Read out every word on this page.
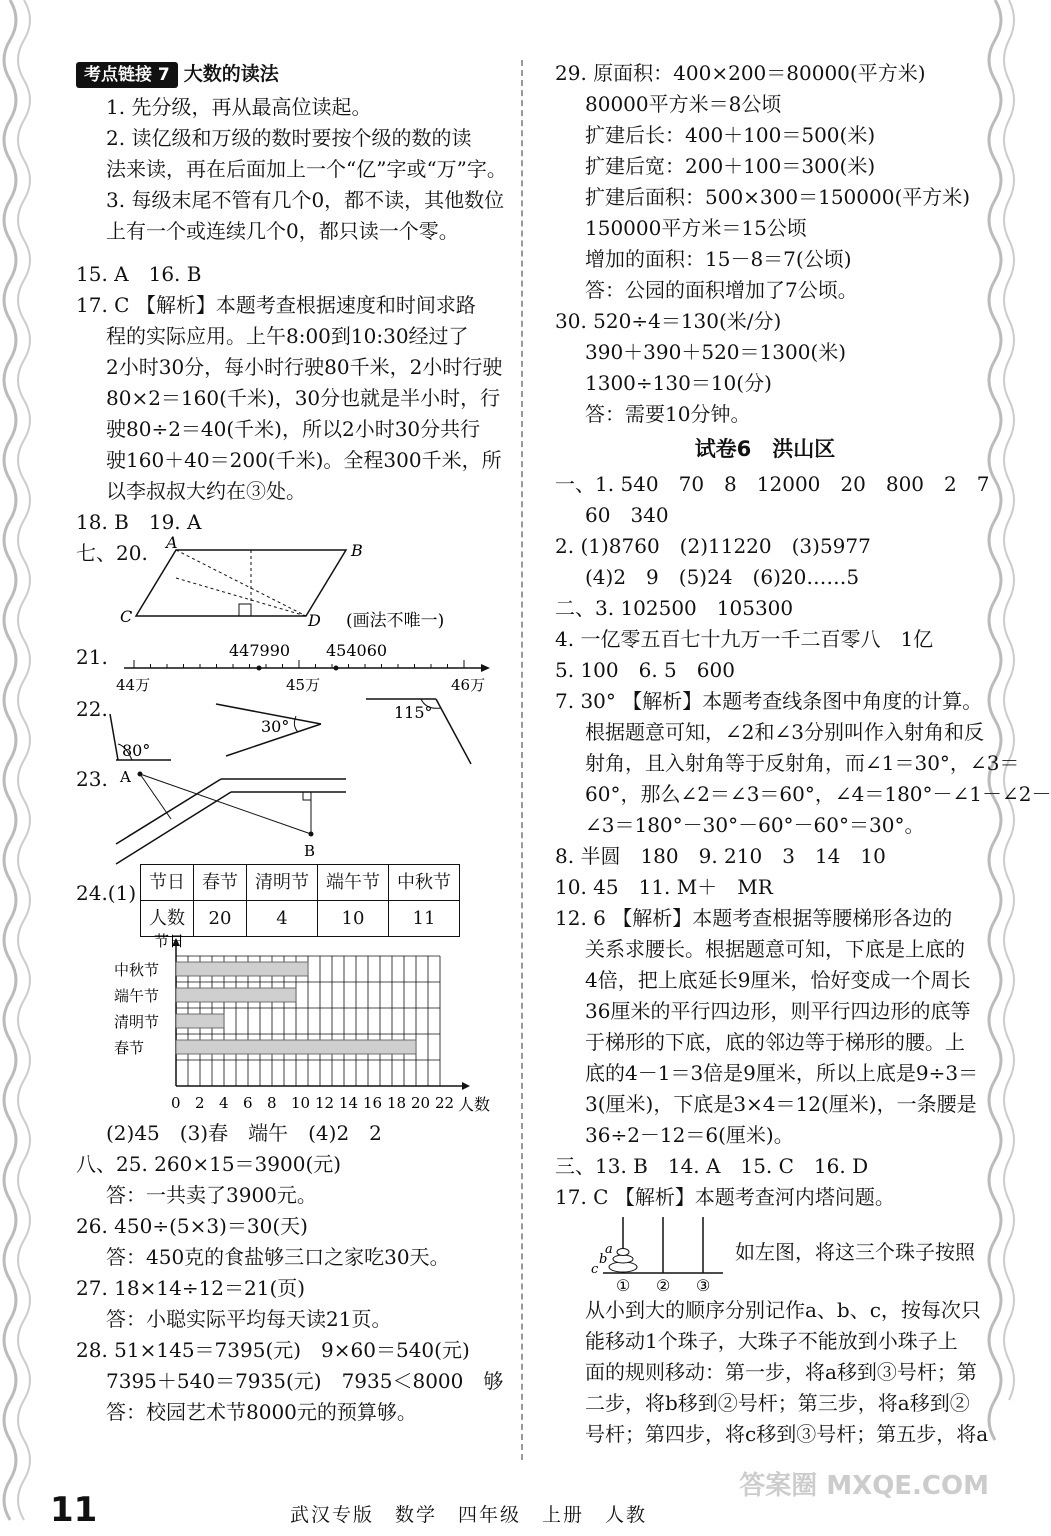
考点链接 7 大数的读法
1. 先分级，再从最高位读起。
2. 读亿级和万级的数时要按个级的数的读
法来读，再在后面加上一个“亿”字或“万”字。
3. 每级末尾不管有几个0，都不读，其他数位
上有一个或连续几个0，都只读一个零。
15. A　16. B
17. C 【解析】本题考查根据速度和时间求路
程的实际应用。上午8:00到10:30经过了
2小时30分，每小时行驶80千米，2小时行驶
80×2＝160(千米)，30分也就是半小时，行
驶80÷2＝40(千米)，所以2小时30分共行
驶160＋40＝200(千米)。全程300千米，所
以李叔叔大约在③处。
18. B　19. A
七、20. A	B
C	D (画法不唯一)
21.	447990 454060
44万	45万	46万
22.
80°
30°
115°
23. A
B
24.(1) 节日	春节	清明节	端午节	中秋节
人数	20	4	10	11
节日
人数
0 2 4 6 8 10 12 14 16 18 20 22
中秋节
端午节
清明节
春节
(2)45　(3)春　端午　(4)2　2
八、25. 260×15＝3900(元)
答：一共卖了3900元。
26. 450÷(5×3)＝30(天)
答：450克的食盐够三口之家吃30天。
27. 18×14÷12＝21(页)
答：小聪实际平均每天读21页。
28. 51×145＝7395(元)　9×60＝540(元)
7395＋540＝7935(元)　7935＜8000　够
答：校园艺术节8000元的预算够。
29. 原面积：400×200＝80000(平方米)
80000平方米＝8公顷
扩建后长：400＋100＝500(米)
扩建后宽：200＋100＝300(米)
扩建后面积：500×300＝150000(平方米)
150000平方米＝15公顷
增加的面积：15－8＝7(公顷)
答：公园的面积增加了7公顷。
30. 520÷4＝130(米/分)
390＋390＋520＝1300(米)
1300÷130＝10(分)
答：需要10分钟。
试卷6　洪山区
一、1. 540　70　8　12000　20　800　2　7
60　340
2. (1)8760　(2)11220　(3)5977
(4)2　9　(5)24　(6)20……5
二、3. 102500　105300
4. 一亿零五百七十九万一千二百零八　1亿
5. 100　6. 5　600
7. 30° 【解析】本题考查线条图中角度的计算。
根据题意可知，∠2和∠3分别叫作入射角和反
射角，且入射角等于反射角，而∠1＝30°，∠3＝
60°，那么∠2＝∠3＝60°，∠4＝180°－∠1－∠2－
∠3＝180°－30°－60°－60°＝30°。
8. 半圆　180　9. 210　3　14　10
10. 45　11. M＋　MR
12. 6 【解析】本题考查根据等腰梯形各边的
关系求腰长。根据题意可知，下底是上底的
4倍，把上底延长9厘米，恰好变成一个周长
36厘米的平行四边形，则平行四边形的底等
于梯形的下底，底的邻边等于梯形的腰。上
底的4－1＝3倍是9厘米，所以上底是9÷3＝
3(厘米)，下底是3×4＝12(厘米)，一条腰是
36÷2－12＝6(厘米)。
三、13. B　14. A　15. C　16. D
17. C 【解析】本题考查河内塔问题。
a
b
c
① ② ③
如左图，将这三个珠子按照
从小到大的顺序分别记作a、b、c，按每次只
能移动1个珠子，大珠子不能放到小珠子上
面的规则移动：第一步，将a移到③号杆；第
二步，将b移到②号杆；第三步，将a移到②
号杆；第四步，将c移到③号杆；第五步，将a
11	武汉专版　数学　四年级　上册　人教
答案圈 MXQE.COM
